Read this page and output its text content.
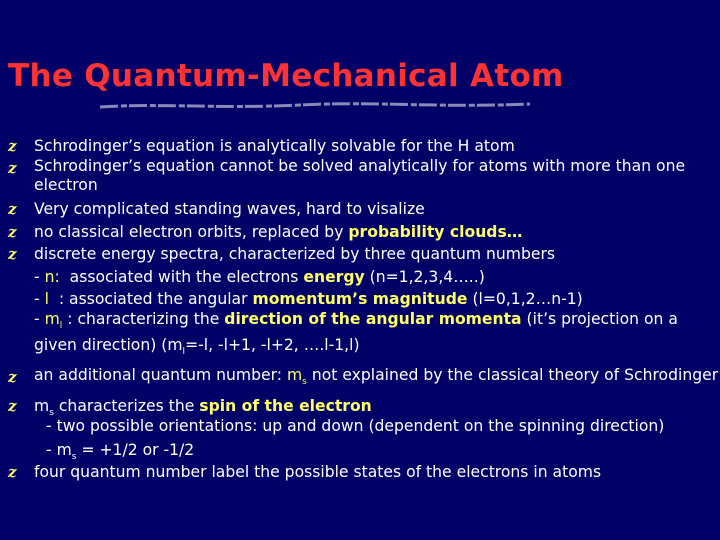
The Quantum-Mechanical Atom
z	Schrodinger’s equation is analytically solvable for the H atom
z	Schrodinger’s equation cannot be solved analytically for atoms with more than one electron
z	Very complicated standing waves, hard to visalize
z	no classical electron orbits, replaced by probability clouds…
z	discrete energy spectra, characterized by three quantum numbers
- n:  associated with the electrons energy (n=1,2,3,4…..)
- l  : associated the angular momentum’s magnitude (l=0,1,2…n-1)
- $m_l$ : characterizing the direction of the angular momenta (it’s projection on a given direction) ($m_l=-l$, -l+1, -l+2, ….l-1,l)
z	an additional quantum number: $m_s$ not explained by the classical theory of Schrodinger
z	$m_s$ characterizes the spin of the electron
- two possible orientations: up and down (dependent on the spinning direction)
- $m_s = +1/2$ or -1/2
z	four quantum number label the possible states of the electrons in atoms
